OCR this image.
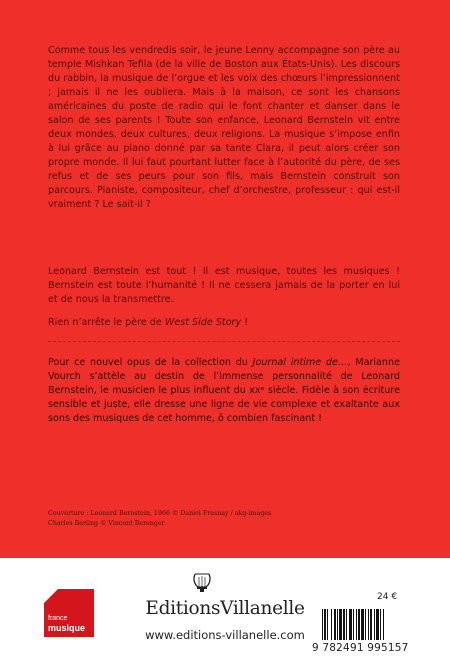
Comme tous les vendredis soir, le jeune Lenny accompagne son père au temple Mishkan Tefila (de la ville de Boston aux États-Unis). Les discours du rabbin, la musique de l’orgue et les voix des chœurs l’impressionnent ; jamais il ne les oubliera. Mais à la maison, ce sont les chansons américaines du poste de radio qui le font chanter et danser dans le salon de ses parents ! Toute son enfance, Leonard Bernstein vit entre deux mondes, deux cultures, deux religions. La musique s’impose enfin à lui grâce au piano donné par sa tante Clara, il peut alors créer son propre monde. Il lui faut pourtant lutter face à l’autorité du père, de ses refus et de ses peurs pour son fils, mais Bernstein construit son parcours. Pianiste, compositeur, chef d’orchestre, professeur : qui est-il vraiment ? Le sait-il ?

Leonard Bernstein est tout ! Il est musique, toutes les musiques ! Bernstein est toute l’humanité ! Il ne cessera jamais de la porter en lui et de nous la transmettre.

Rien n’arrête le père de West Side Story !

Pour ce nouvel opus de la collection du Journal intime de…, Marianne Vourch s’attèle au destin de l’immense personnalité de Leonard Bernstein, le musicien le plus influent du xxᵉ siècle. Fidèle à son écriture sensible et juste, elle dresse une ligne de vie complexe et exaltante aux sons des musiques de cet homme, ô combien fascinant !

Couverture : Leonard Bernstein, 1966 © Daniel Frasnay / akg-images
Charles Berling © Vincent Berenger
france
musique
EditionsVillanelle
www.editions-villanelle.com
24 €
9 782491 995157
